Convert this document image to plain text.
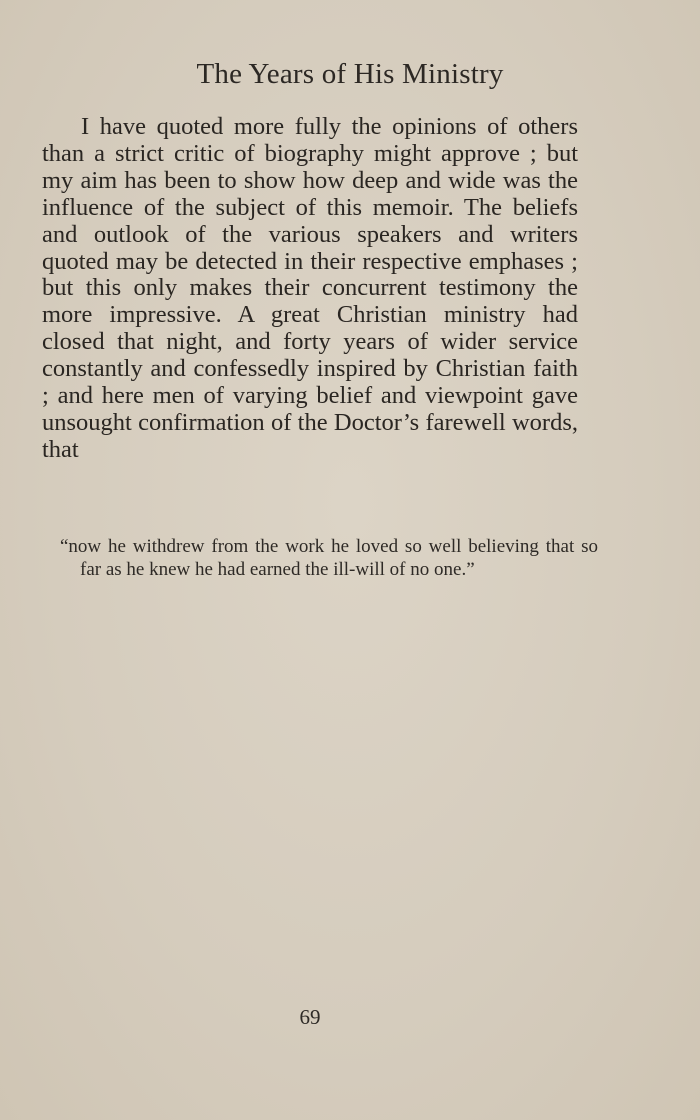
The Years of His Ministry

I have quoted more fully the opinions of others than a strict critic of biography might approve ; but my aim has been to show how deep and wide was the influence of the subject of this memoir. The beliefs and outlook of the various speakers and writers quoted may be detected in their respective emphases ; but this only makes their concurrent testimony the more impressive. A great Christian ministry had closed that night, and forty years of wider service constantly and confessedly inspired by Christian faith ; and here men of varying belief and viewpoint gave unsought confirmation of the Doctor’s farewell words, that

“now he withdrew from the work he loved so well believing that so far as he knew he had earned the ill-will of no one.”

69
